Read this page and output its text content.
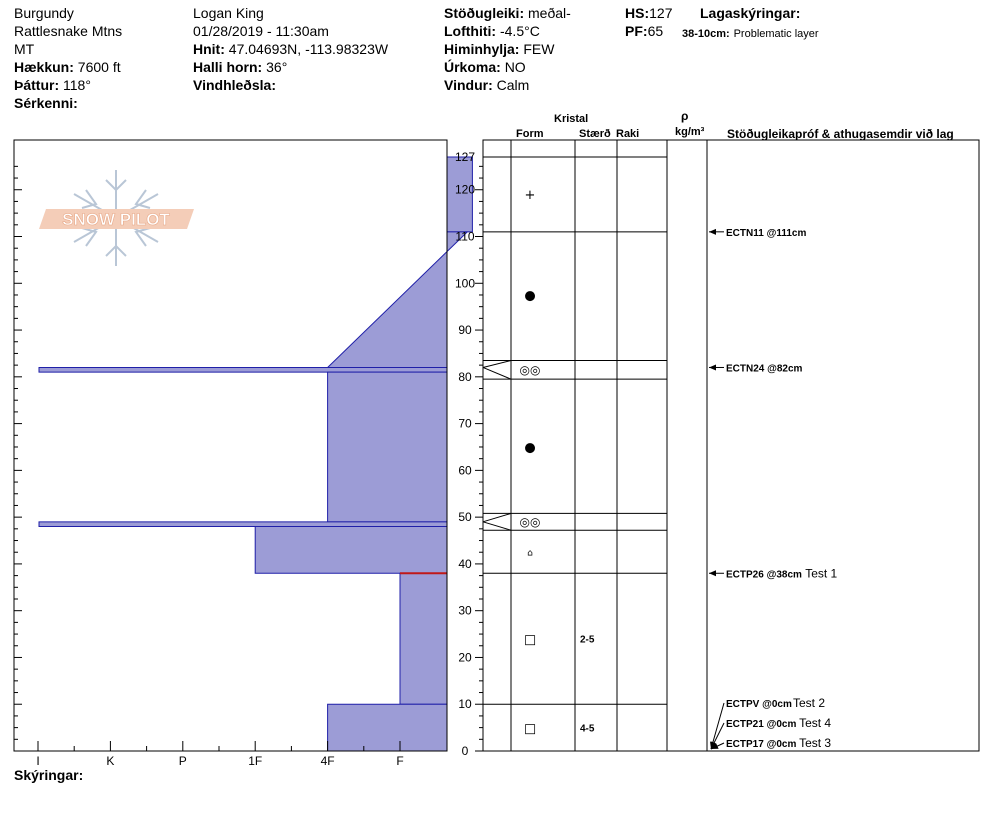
Burgundy
Rattlesnake Mtns
MT
Hækkun: 7600 ft
Þáttur: 118°
Sérkenni:
Logan King
01/28/2019 - 11:30am
Hnit: 47.04693N, -113.98323W
Halli horn: 36°
Vindhleðsla:
Stöðugleiki: meðal-
Lofthiti: -4.5°C
Himinhylja: FEW
Úrkoma: NO
Vindur: Calm
HS:127
PF:65
Lagaskýringar:
38-10cm: Problematic layer
Kristal
Form	Stærð Raki
ρ
kg/m³ Stöðugleikapróf & athugasemdir við lag
Skýringar:
SNOW PILOT
0
10
20
30
40
50
60
70
80
90
100
110
120
127
I	K	P	1F	4F	F
+
●
◎◎
●
◎◎
⌂
□	2-5
□	4-5
ECTN11 @111cm
ECTN24 @82cm
ECTP26 @38cm Test 1
ECTPV @0cm Test 2
ECTP21 @0cm Test 4
ECTP17 @0cm Test 3
